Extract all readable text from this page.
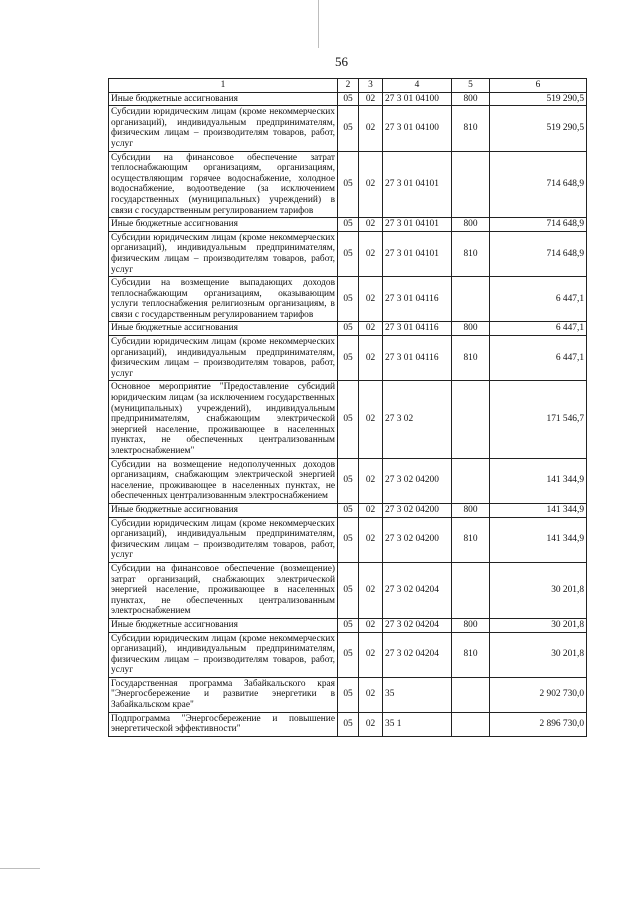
56
1	2	3	4	5	6
Иные бюджетные ассигнования	05	02	27 3 01 04100	800	519 290,5
Субсидии юридическим лицам (кроме некоммерческих организаций), индивидуальным предпринимателям, физическим лицам – производителям товаров, работ, услуг	05	02	27 3 01 04100	810	519 290,5
Субсидии на финансовое обеспечение затрат теплоснабжающим организациям, организациям, осуществляющим горячее водоснабжение, холодное водоснабжение, водоотведение (за исключением государственных (муниципальных) учреждений) в связи с государственным регулированием тарифов	05	02	27 3 01 04101		714 648,9
Иные бюджетные ассигнования	05	02	27 3 01 04101	800	714 648,9
Субсидии юридическим лицам (кроме некоммерческих организаций), индивидуальным предпринимателям, физическим лицам – производителям товаров, работ, услуг	05	02	27 3 01 04101	810	714 648,9
Субсидии на возмещение выпадающих доходов теплоснабжающим организациям, оказывающим услуги теплоснабжения религиозным организациям, в связи с государственным регулированием тарифов	05	02	27 3 01 04116		6 447,1
Иные бюджетные ассигнования	05	02	27 3 01 04116	800	6 447,1
Субсидии юридическим лицам (кроме некоммерческих организаций), индивидуальным предпринимателям, физическим лицам – производителям товаров, работ, услуг	05	02	27 3 01 04116	810	6 447,1
Основное мероприятие "Предоставление субсидий юридическим лицам (за исключением государственных (муниципальных) учреждений), индивидуальным предпринимателям, снабжающим электрической энергией население, проживающее в населенных пунктах, не обеспеченных централизованным электроснабжением"	05	02	27 3 02		171 546,7
Субсидии на возмещение недополученных доходов организациям, снабжающим электрической энергией население, проживающее в населенных пунктах, не обеспеченных централизованным электроснабжением	05	02	27 3 02 04200		141 344,9
Иные бюджетные ассигнования	05	02	27 3 02 04200	800	141 344,9
Субсидии юридическим лицам (кроме некоммерческих организаций), индивидуальным предпринимателям, физическим лицам – производителям товаров, работ, услуг	05	02	27 3 02 04200	810	141 344,9
Субсидии на финансовое обеспечение (возмещение) затрат организаций, снабжающих электрической энергией население, проживающее в населенных пунктах, не обеспеченных централизованным электроснабжением	05	02	27 3 02 04204		30 201,8
Иные бюджетные ассигнования	05	02	27 3 02 04204	800	30 201,8
Субсидии юридическим лицам (кроме некоммерческих организаций), индивидуальным предпринимателям, физическим лицам – производителям товаров, работ, услуг	05	02	27 3 02 04204	810	30 201,8
Государственная программа Забайкальского края "Энергосбережение и развитие энергетики в Забайкальском крае"	05	02	35		2 902 730,0
Подпрограмма "Энергосбережение и повышение энергетической эффективности"	05	02	35 1		2 896 730,0
